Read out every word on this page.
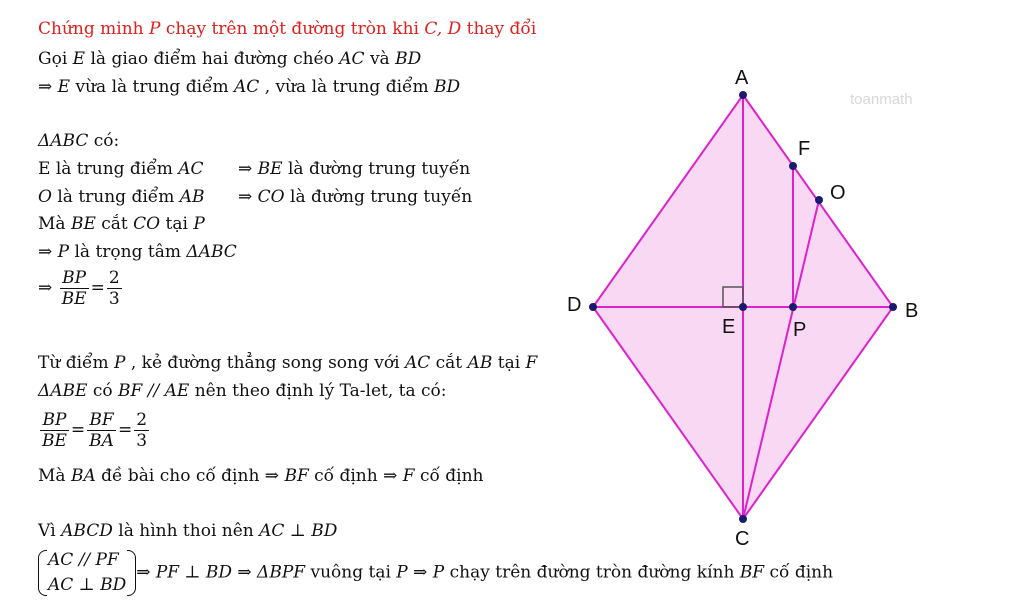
Chứng minh P chạy trên một đường tròn khi C, D thay đổi
Gọi E là giao điểm hai đường chéo AC và BD
⇒ E vừa là trung điểm AC , vừa là trung điểm BD
ΔABC có:
E là trung điểm AC ⇒ BE là đường trung tuyến
O là trung điểm AB ⇒ CO là đường trung tuyến
Mà BE cắt CO tại P
⇒ P là trọng tâm ΔABC
⇒ $\frac{BP}{BE} = \frac{2}{3}$
Từ điểm P , kẻ đường thẳng song song với AC cắt AB tại F
ΔABE có BF // AE nên theo định lý Ta-let, ta có:
$\frac{BP}{BE} = \frac{BF}{BA} = \frac{2}{3}$
Mà BA đề bài cho cố định ⇒ BF cố định ⇒ F cố định
Vì ABCD là hình thoi nên AC ⊥ BD
AC // PF
AC ⊥ BD
⇒ PF ⊥ BD ⇒ ΔBPF vuông tại P ⇒ P chạy trên đường tròn đường kính BF cố định
A
B
C
D
E
F
O
P
toanmath
